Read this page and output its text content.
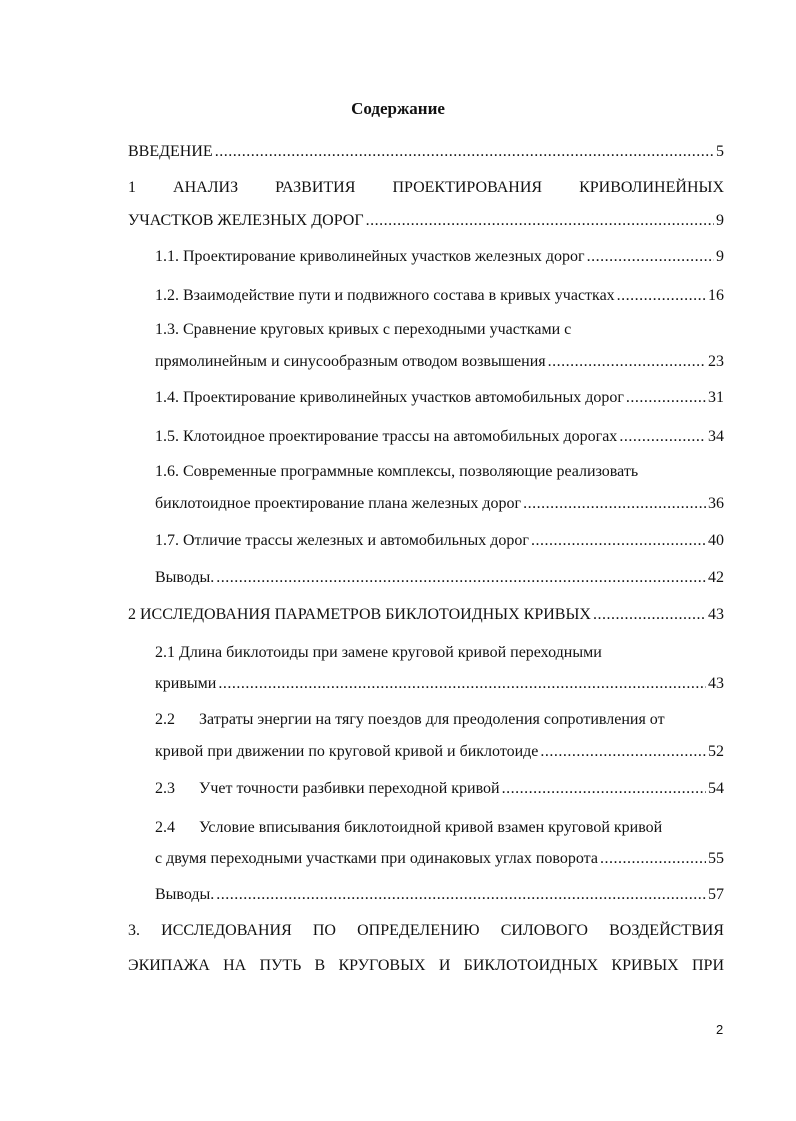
Содержание
ВВЕДЕНИЕ .....	5
1 АНАЛИЗ РАЗВИТИЯ ПРОЕКТИРОВАНИЯ КРИВОЛИНЕЙНЫХ
УЧАСТКОВ ЖЕЛЕЗНЫХ ДОРОГ .....	9
1.1. Проектирование криволинейных участков железных дорог .....	9
1.2. Взаимодействие пути и подвижного состава в кривых участках .....	16
1.3. Сравнение круговых кривых с переходными участками с
прямолинейным и синусообразным отводом возвышения .....	23
1.4. Проектирование криволинейных участков автомобильных дорог .....	31
1.5. Клотоидное проектирование трассы на автомобильных дорогах .....	34
1.6. Современные программные комплексы, позволяющие реализовать
биклотоидное проектирование плана железных дорог .....	36
1.7. Отличие трассы железных и автомобильных дорог .....	40
Выводы. .....	42
2 ИССЛЕДОВАНИЯ ПАРАМЕТРОВ БИКЛОТОИДНЫХ КРИВЫХ .....	43
2.1 Длина биклотоиды при замене круговой кривой переходными
кривыми .....	43
2.2 Затраты энергии на тягу поездов для преодоления сопротивления от
кривой при движении по круговой кривой и биклотоиде .....	52
2.3 Учет точности разбивки переходной кривой .....	54
2.4 Условие вписывания биклотоидной кривой взамен круговой кривой
с двумя переходными участками при одинаковых углах поворота .....	55
Выводы. .....	57
3. ИССЛЕДОВАНИЯ ПО ОПРЕДЕЛЕНИЮ СИЛОВОГО ВОЗДЕЙСТВИЯ
ЭКИПАЖА НА ПУТЬ В КРУГОВЫХ И БИКЛОТОИДНЫХ КРИВЫХ ПРИ
2
